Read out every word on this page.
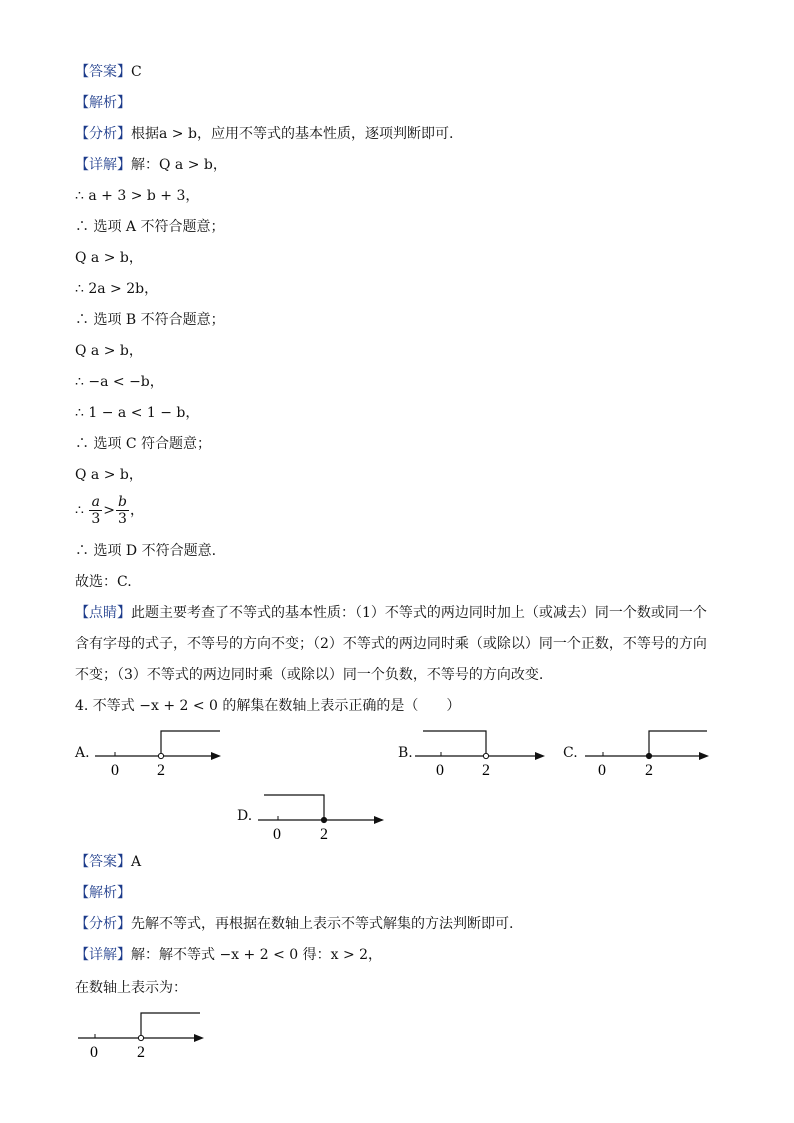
【答案】C
【解析】
【分析】根据a > b，应用不等式的基本性质，逐项判断即可.
【详解】解：Q a > b，
∴ a + 3 > b + 3，
∴ 选项 A 不符合题意；
Q a > b，
∴ 2a > 2b，
∴ 选项 B 不符合题意；
Q a > b，
∴ −a < −b，
∴ 1 − a < 1 − b，
∴ 选项 C 符合题意；
Q a > b，
∴ $\frac{a}{3} > \frac{b}{3}$ ，
∴ 选项 D 不符合题意.
故选：C.
【点睛】此题主要考查了不等式的基本性质：（1）不等式的两边同时加上（或减去）同一个数或同一个
含有字母的式子，不等号的方向不变；（2）不等式的两边同时乘（或除以）同一个正数，不等号的方向
不变；（3）不等式的两边同时乘（或除以）同一个负数，不等号的方向改变.
4. 不等式 −x + 2 < 0 的解集在数轴上表示正确的是（　　）
A.
0 2
B.
0 2
C.
0 2
D.
0 2
【答案】A
【解析】
【分析】先解不等式，再根据在数轴上表示不等式解集的方法判断即可.
【详解】解：解不等式 −x + 2 < 0 得：x > 2，
在数轴上表示为：
0 2
